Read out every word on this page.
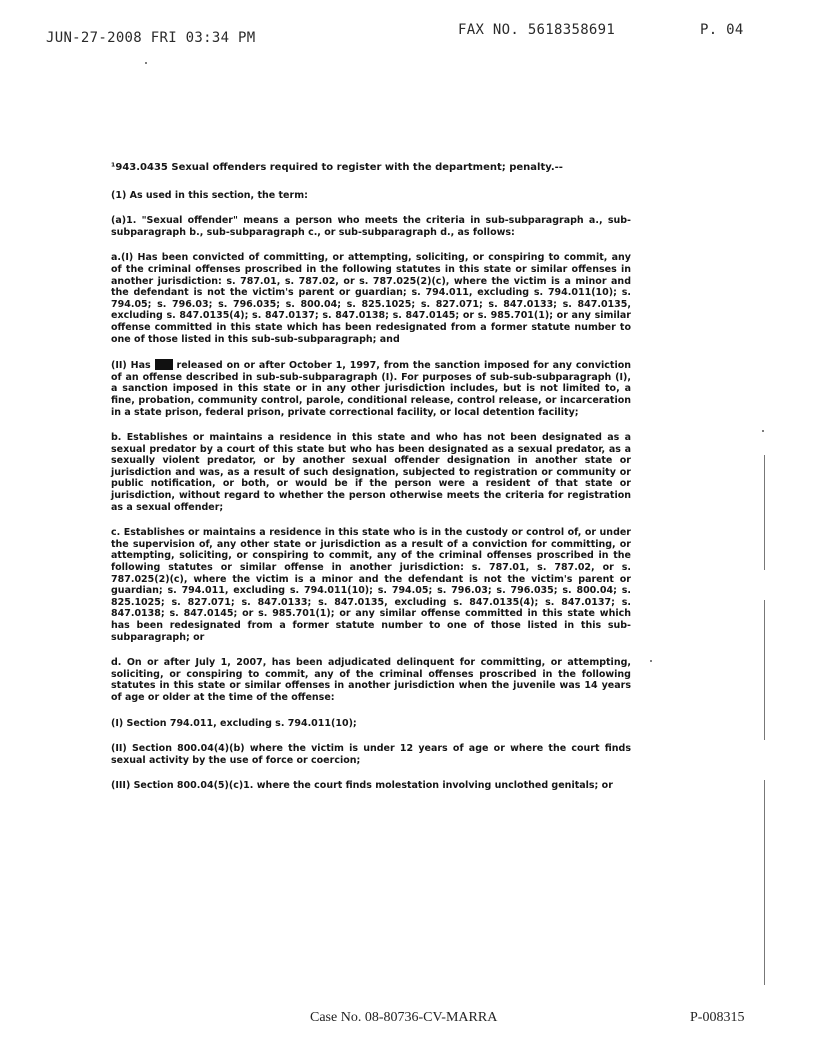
JUN-27-2008 FRI 03:34 PM	FAX NO. 5618358691	P. 04

¹943.0435 Sexual offenders required to register with the department; penalty.--

(1) As used in this section, the term:

(a)1. "Sexual offender" means a person who meets the criteria in sub-subparagraph a., sub-subparagraph b., sub-subparagraph c., or sub-subparagraph d., as follows:

a.(I) Has been convicted of committing, or attempting, soliciting, or conspiring to commit, any of the criminal offenses proscribed in the following statutes in this state or similar offenses in another jurisdiction: s. 787.01, s. 787.02, or s. 787.025(2)(c), where the victim is a minor and the defendant is not the victim's parent or guardian; s. 794.011, excluding s. 794.011(10); s. 794.05; s. 796.03; s. 796.035; s. 800.04; s. 825.1025; s. 827.071; s. 847.0133; s. 847.0135, excluding s. 847.0135(4); s. 847.0137; s. 847.0138; s. 847.0145; or s. 985.701(1); or any similar offense committed in this state which has been redesignated from a former statute number to one of those listed in this sub-sub-subparagraph; and

(II) Has	released on or after October 1, 1997, from the sanction imposed for any conviction of an offense described in sub-sub-subparagraph (I). For purposes of sub-sub-subparagraph (I), a sanction imposed in this state or in any other jurisdiction includes, but is not limited to, a fine, probation, community control, parole, conditional release, control release, or incarceration in a state prison, federal prison, private correctional facility, or local detention facility;

b. Establishes or maintains a residence in this state and who has not been designated as a sexual predator by a court of this state but who has been designated as a sexual predator, as a sexually violent predator, or by another sexual offender designation in another state or jurisdiction and was, as a result of such designation, subjected to registration or community or public notification, or both, or would be if the person were a resident of that state or jurisdiction, without regard to whether the person otherwise meets the criteria for registration as a sexual offender;

c. Establishes or maintains a residence in this state who is in the custody or control of, or under the supervision of, any other state or jurisdiction as a result of a conviction for committing, or attempting, soliciting, or conspiring to commit, any of the criminal offenses proscribed in the following statutes or similar offense in another jurisdiction: s. 787.01, s. 787.02, or s. 787.025(2)(c), where the victim is a minor and the defendant is not the victim's parent or guardian; s. 794.011, excluding s. 794.011(10); s. 794.05; s. 796.03; s. 796.035; s. 800.04; s. 825.1025; s. 827.071; s. 847.0133; s. 847.0135, excluding s. 847.0135(4); s. 847.0137; s. 847.0138; s. 847.0145; or s. 985.701(1); or any similar offense committed in this state which has been redesignated from a former statute number to one of those listed in this sub-subparagraph; or

d. On or after July 1, 2007, has been adjudicated delinquent for committing, or attempting, soliciting, or conspiring to commit, any of the criminal offenses proscribed in the following statutes in this state or similar offenses in another jurisdiction when the juvenile was 14 years of age or older at the time of the offense:

(I) Section 794.011, excluding s. 794.011(10);

(II) Section 800.04(4)(b) where the victim is under 12 years of age or where the court finds sexual activity by the use of force or coercion;

(III) Section 800.04(5)(c)1. where the court finds molestation involving unclothed genitals; or

Case No. 08-80736-CV-MARRA	P-008315
